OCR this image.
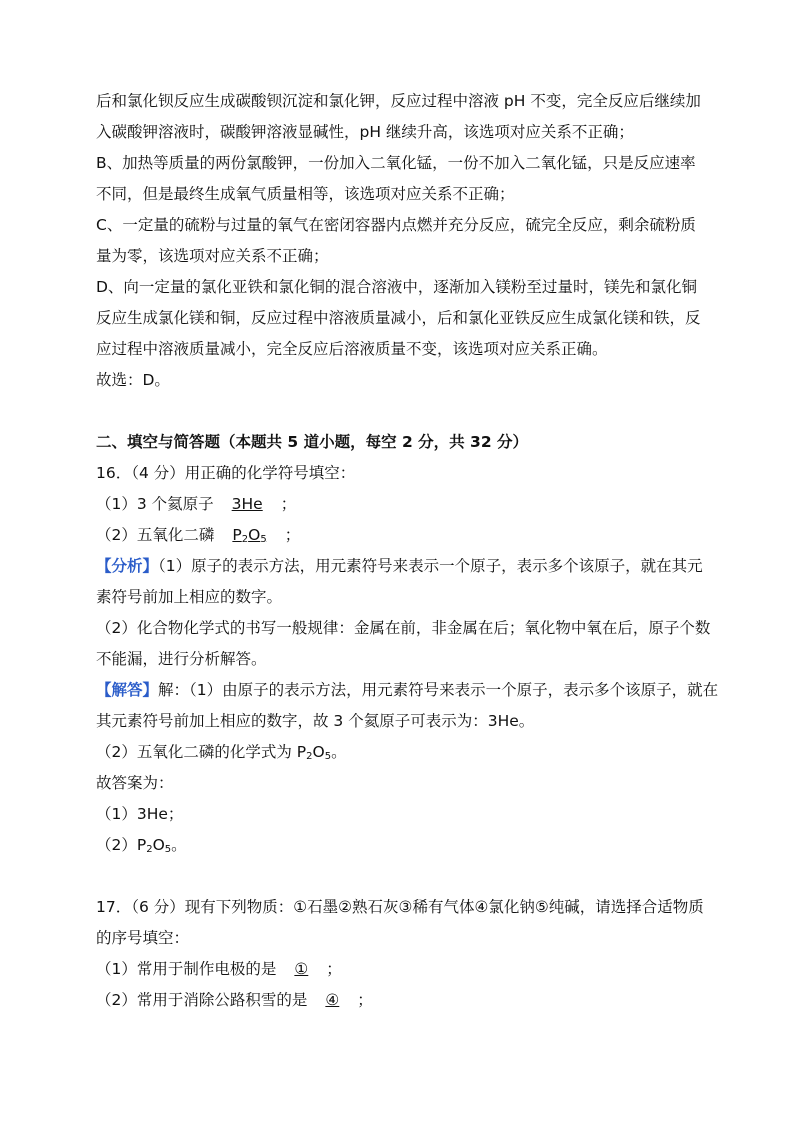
后和氯化钡反应生成碳酸钡沉淀和氯化钾，反应过程中溶液 pH 不变，完全反应后继续加
入碳酸钾溶液时，碳酸钾溶液显碱性，pH 继续升高，该选项对应关系不正确；
B、加热等质量的两份氯酸钾，一份加入二氧化锰，一份不加入二氧化锰，只是反应速率
不同，但是最终生成氧气质量相等，该选项对应关系不正确；
C、一定量的硫粉与过量的氧气在密闭容器内点燃并充分反应，硫完全反应，剩余硫粉质
量为零，该选项对应关系不正确；
D、向一定量的氯化亚铁和氯化铜的混合溶液中，逐渐加入镁粉至过量时，镁先和氯化铜
反应生成氯化镁和铜，反应过程中溶液质量减小，后和氯化亚铁反应生成氯化镁和铁，反
应过程中溶液质量减小，完全反应后溶液质量不变，该选项对应关系正确。
故选：D。
二、填空与简答题（本题共 5 道小题，每空 2 分，共 32 分）
16．（4 分）用正确的化学符号填空：
（1）3 个氦原子 3He ；
（2）五氧化二磷 $P_2O_5$ ；
【分析】（1）原子的表示方法，用元素符号来表示一个原子，表示多个该原子，就在其元
素符号前加上相应的数字。
（2）化合物化学式的书写一般规律：金属在前，非金属在后；氧化物中氧在后，原子个数
不能漏，进行分析解答。
【解答】解：（1）由原子的表示方法，用元素符号来表示一个原子，表示多个该原子，就在
其元素符号前加上相应的数字，故 3 个氦原子可表示为：3He。
（2）五氧化二磷的化学式为 $P_2O_5$。
故答案为：
（1）3He；
$(2)P_2O_5$。
17．（6 分）现有下列物质：①石墨②熟石灰③稀有气体④氯化钠⑤纯碱，请选择合适物质
的序号填空：
（1）常用于制作电极的是 ① ；
（2）常用于消除公路积雪的是 ④ ；
